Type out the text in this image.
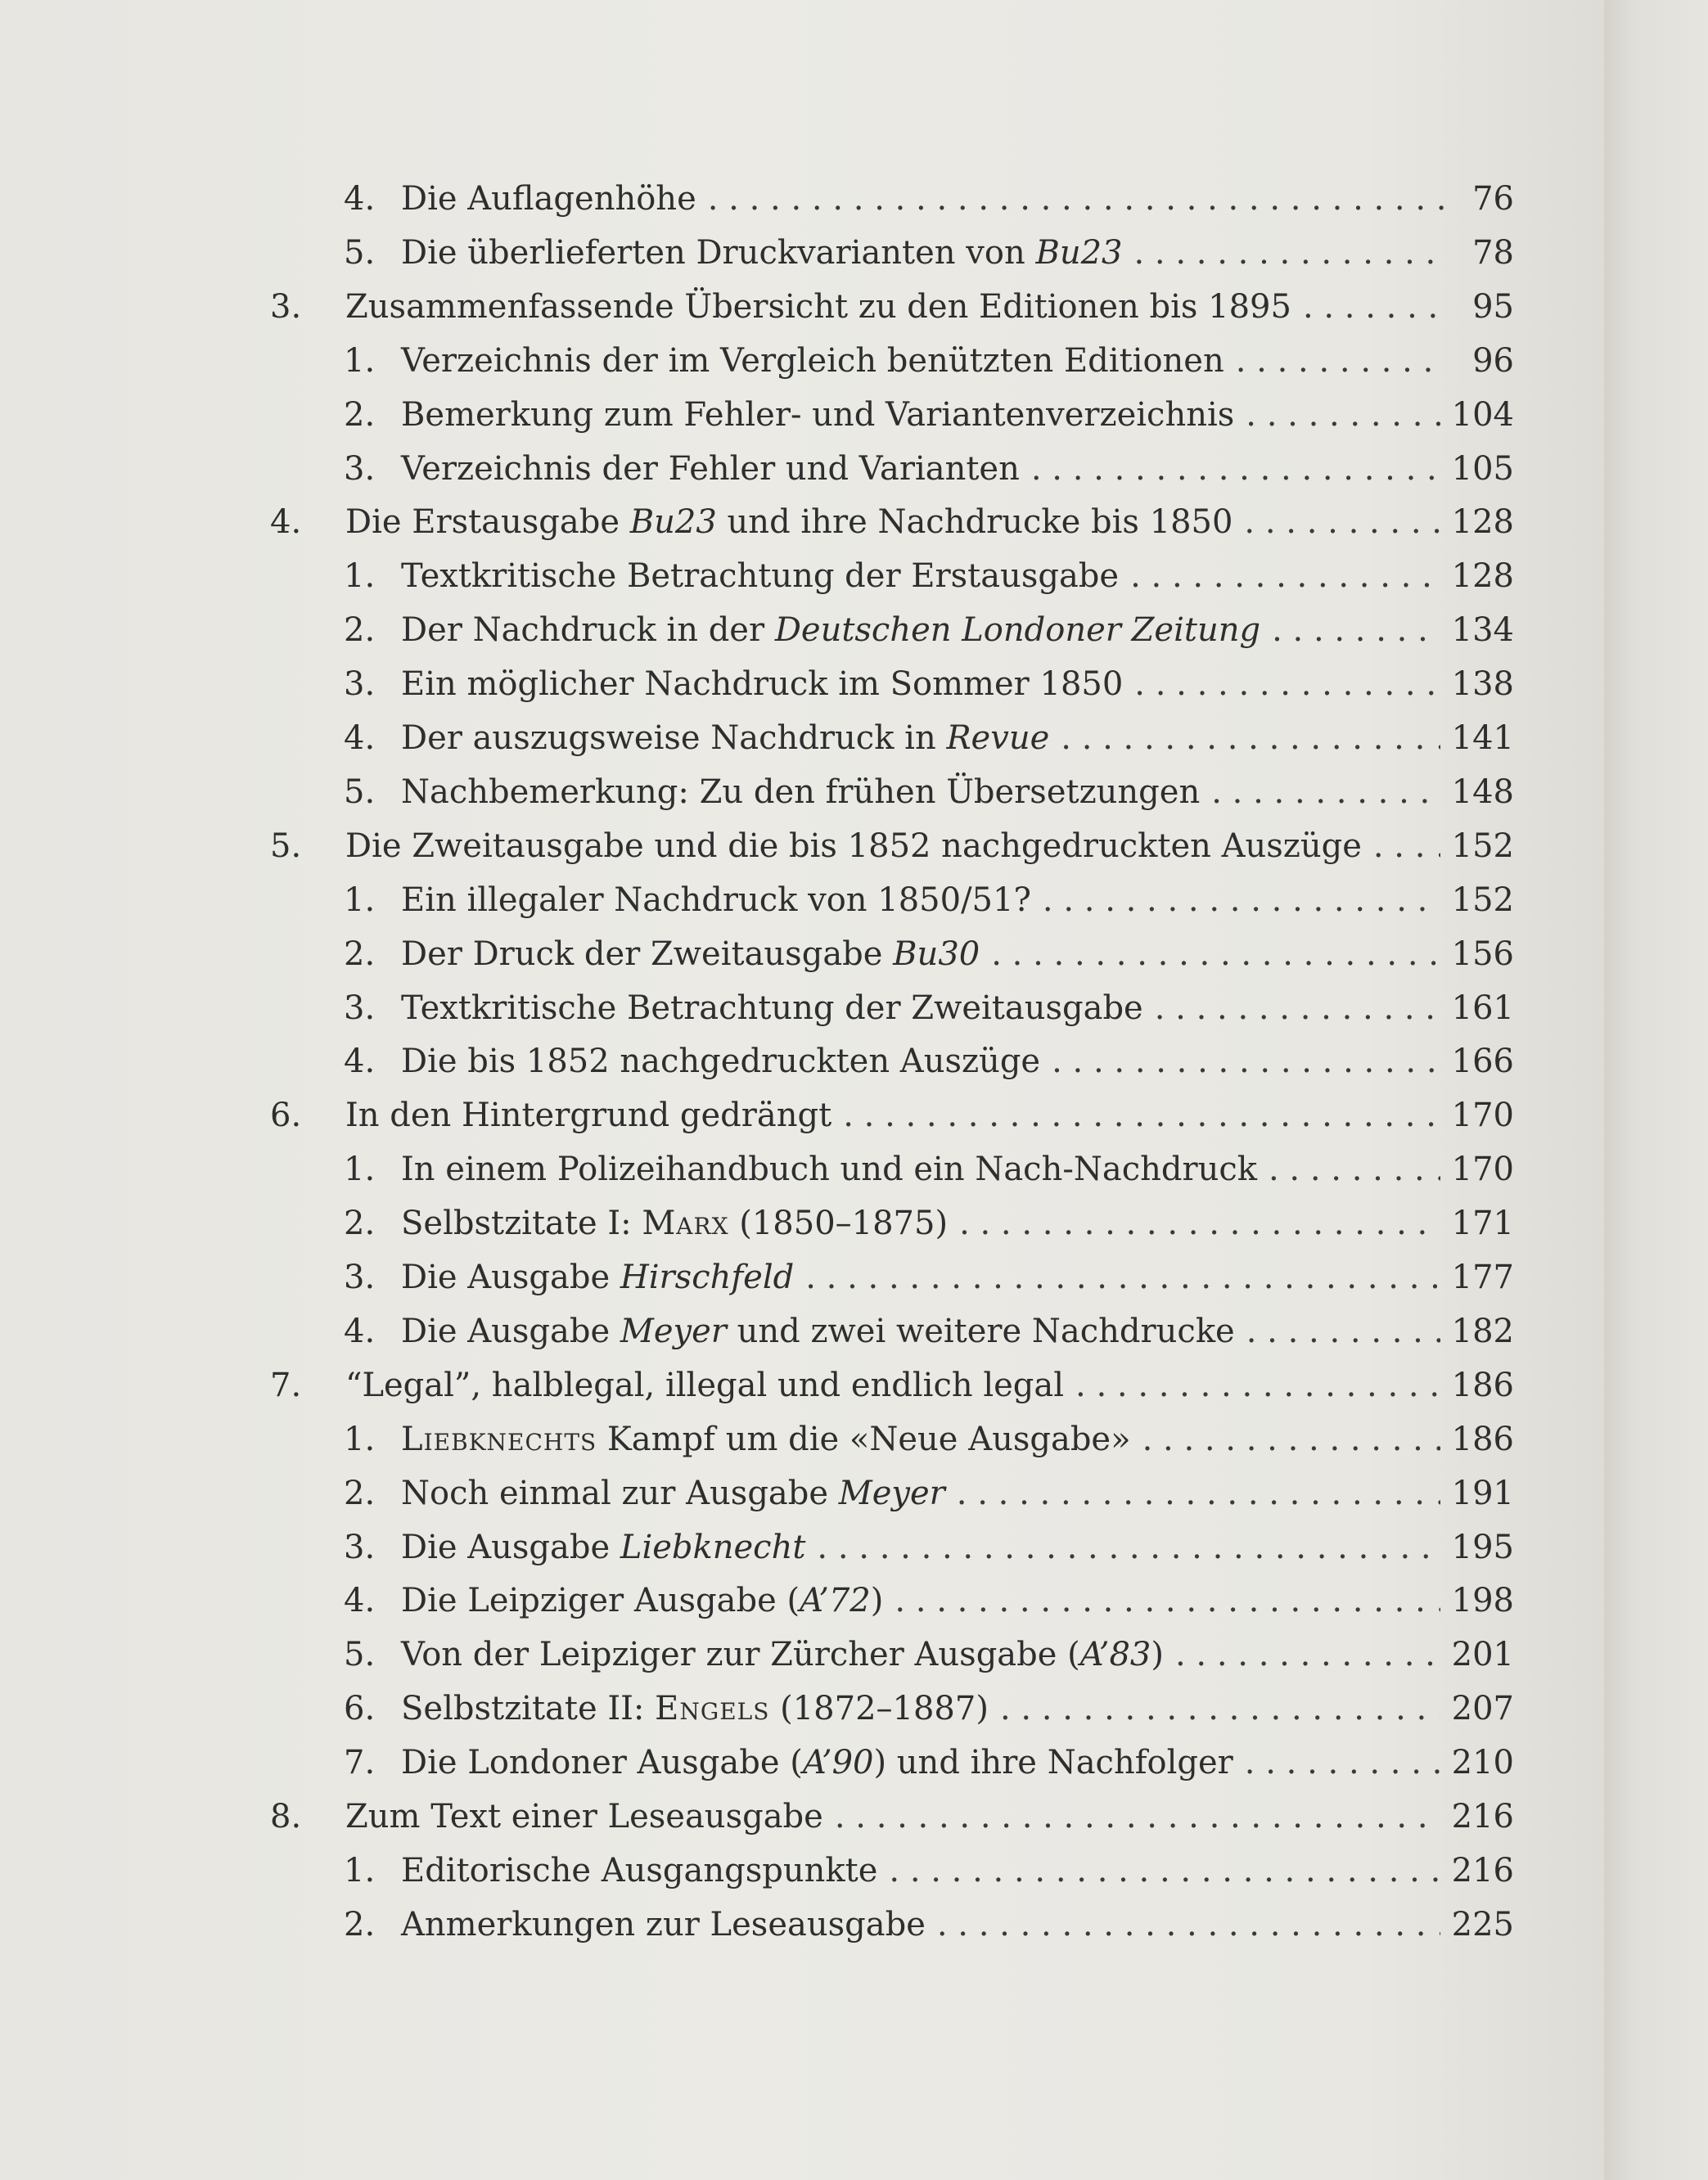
4. Die Auflagenhöhe . . .	76
5. Die überlieferten Druckvarianten von Bu23 . . .	78
3.	Zusammenfassende Übersicht zu den Editionen bis 1895 . . .	95
1. Verzeichnis der im Vergleich benützten Editionen . . .	96
2. Bemerkung zum Fehler- und Variantenverzeichnis . . .	104
3. Verzeichnis der Fehler und Varianten . . .	105
4.	Die Erstausgabe Bu23 und ihre Nachdrucke bis 1850 . . .	128
1. Textkritische Betrachtung der Erstausgabe . . .	128
2. Der Nachdruck in der Deutschen Londoner Zeitung . . .	134
3. Ein möglicher Nachdruck im Sommer 1850 . . .	138
4. Der auszugsweise Nachdruck in Revue . . .	141
5. Nachbemerkung: Zu den frühen Übersetzungen . . .	148
5.	Die Zweitausgabe und die bis 1852 nachgedruckten Auszüge . . .	152
1. Ein illegaler Nachdruck von 1850/51? . . .	152
2. Der Druck der Zweitausgabe Bu30 . . .	156
3. Textkritische Betrachtung der Zweitausgabe . . .	161
4. Die bis 1852 nachgedruckten Auszüge . . .	166
6.	In den Hintergrund gedrängt . . .	170
1. In einem Polizeihandbuch und ein Nach-Nachdruck . . .	170
2. Selbstzitate I: Marx (1850–1875) . . .	171
3. Die Ausgabe Hirschfeld . . .	177
4. Die Ausgabe Meyer und zwei weitere Nachdrucke . . .	182
7.	“Legal”, halblegal, illegal und endlich legal . . .	186
1. Liebknechts Kampf um die «Neue Ausgabe» . . .	186
2. Noch einmal zur Ausgabe Meyer . . .	191
3. Die Ausgabe Liebknecht . . .	195
4. Die Leipziger Ausgabe (A’72) . . .	198
5. Von der Leipziger zur Zürcher Ausgabe (A’83) . . .	201
6. Selbstzitate II: Engels (1872–1887) . . .	207
7. Die Londoner Ausgabe (A’90) und ihre Nachfolger . . .	210
8.	Zum Text einer Leseausgabe . . .	216
1. Editorische Ausgangspunkte . . .	216
2. Anmerkungen zur Leseausgabe . . .	225
